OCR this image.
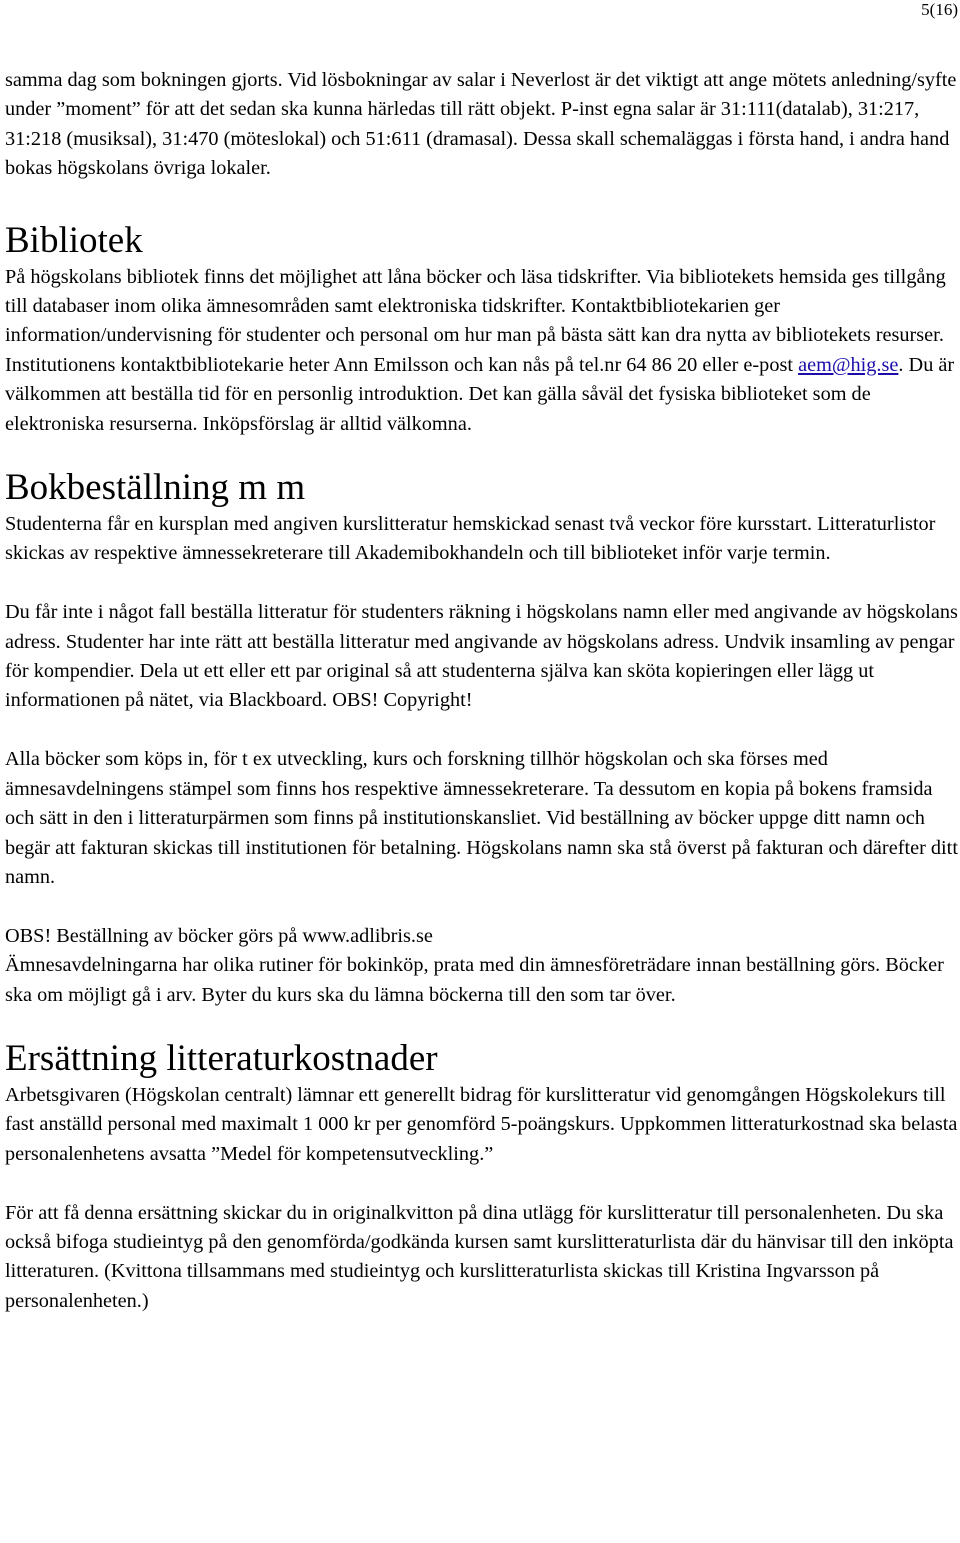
5(16)

samma dag som bokningen gjorts. Vid lösbokningar av salar i Neverlost är det viktigt att ange mötets anledning/syfte under ”moment” för att det sedan ska kunna härledas till rätt objekt. P-inst egna salar är 31:111(datalab), 31:217, 31:218 (musiksal), 31:470 (möteslokal) och 51:611 (dramasal). Dessa skall schemaläggas i första hand, i andra hand bokas högskolans övriga lokaler.

Bibliotek

På högskolans bibliotek finns det möjlighet att låna böcker och läsa tidskrifter. Via bibliotekets hemsida ges tillgång till databaser inom olika ämnesområden samt elektroniska tidskrifter. Kontaktbibliotekarien ger information/undervisning för studenter och personal om hur man på bästa sätt kan dra nytta av bibliotekets resurser. Institutionens kontaktbibliotekarie heter Ann Emilsson och kan nås på tel.nr 64 86 20 eller e-post aem@hig.se. Du är välkommen att beställa tid för en personlig introduktion. Det kan gälla såväl det fysiska biblioteket som de elektroniska resurserna. Inköpsförslag är alltid välkomna.

Bokbeställning m m

Studenterna får en kursplan med angiven kurslitteratur hemskickad senast två veckor före kursstart. Litteraturlistor skickas av respektive ämnessekreterare till Akademibokhandeln och till biblioteket inför varje termin.

Du får inte i något fall beställa litteratur för studenters räkning i högskolans namn eller med angivande av högskolans adress. Studenter har inte rätt att beställa litteratur med angivande av högskolans adress. Undvik insamling av pengar för kompendier. Dela ut ett eller ett par original så att studenterna själva kan sköta kopieringen eller lägg ut informationen på nätet, via Blackboard. OBS! Copyright!

Alla böcker som köps in, för t ex utveckling, kurs och forskning tillhör högskolan och ska förses med ämnesavdelningens stämpel som finns hos respektive ämnessekreterare. Ta dessutom en kopia på bokens framsida och sätt in den i litteraturpärmen som finns på institutionskansliet. Vid beställning av böcker uppge ditt namn och begär att fakturan skickas till institutionen för betalning. Högskolans namn ska stå överst på fakturan och därefter ditt namn.

OBS! Beställning av böcker görs på www.adlibris.se

Ämnesavdelningarna har olika rutiner för bokinköp, prata med din ämnesföreträdare innan beställning görs. Böcker ska om möjligt gå i arv. Byter du kurs ska du lämna böckerna till den som tar över.

Ersättning litteraturkostnader

Arbetsgivaren (Högskolan centralt) lämnar ett generellt bidrag för kurslitteratur vid genomgången Högskolekurs till fast anställd personal med maximalt 1 000 kr per genomförd 5-poängskurs. Uppkommen litteraturkostnad ska belasta personalenhetens avsatta ”Medel för kompetensutveckling.”

För att få denna ersättning skickar du in originalkvitton på dina utlägg för kurslitteratur till personalenheten. Du ska också bifoga studieintyg på den genomförda/godkända kursen samt kurslitteraturlista där du hänvisar till den inköpta litteraturen. (Kvittona tillsammans med studieintyg och kurslitteraturlista skickas till Kristina Ingvarsson på personalenheten.)
